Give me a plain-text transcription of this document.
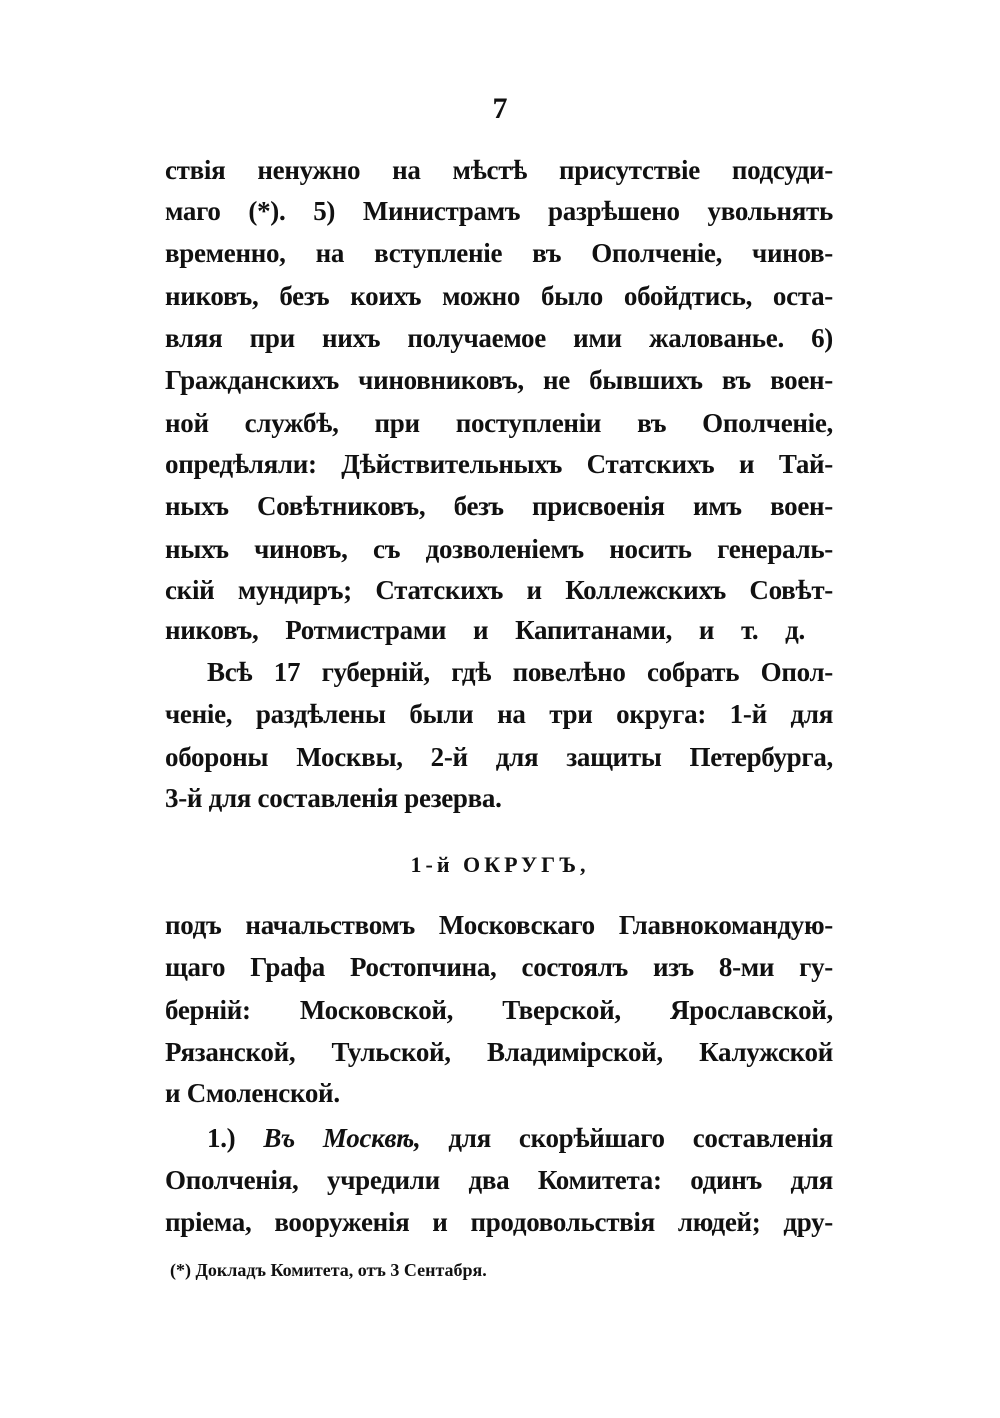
7
ствія ненужно на мѣстѣ присутствіе подсуди-
маго (*). 5) Министрамъ разрѣшено увольнять
временно, на вступленіе въ Ополченіе, чинов-
никовъ, безъ коихъ можно было обойдтись, оста-
вляя при нихъ получаемое ими жалованье. 6)
Гражданскихъ чиновниковъ, не бывшихъ въ воен-
ной службѣ, при поступленіи въ Ополченіе,
опредѣляли: Дѣйствительныхъ Статскихъ и Тай-
ныхъ Совѣтниковъ, безъ присвоенія имъ воен-
ныхъ чиновъ, съ дозволеніемъ носить генераль-
скій мундиръ; Статскихъ и Коллежскихъ Совѣт-
никовъ, Ротмистрами и Капитанами, и т. д.
Всѣ 17 губерній, гдѣ повелѣно собрать Опол-
ченіе, раздѣлены были на три округа: 1-й для
обороны Москвы, 2-й для защиты Петербурга,
3-й для составленія резерва.
1-й ОКРУГЪ,
подъ начальствомъ Московскаго Главнокомандую-
щаго Графа Ростопчина, состоялъ изъ 8-ми гу-
берній: Московской, Тверской, Ярославской,
Рязанской, Тульской, Владимірской, Калужской
и Смоленской.
1.) Въ Москвѣ, для скорѣйшаго составленія
Ополченія, учредили два Комитета: одинъ для
пріема, вооруженія и продовольствія людей; дру-
(*) Докладъ Комитета, отъ 3 Сентабря.
